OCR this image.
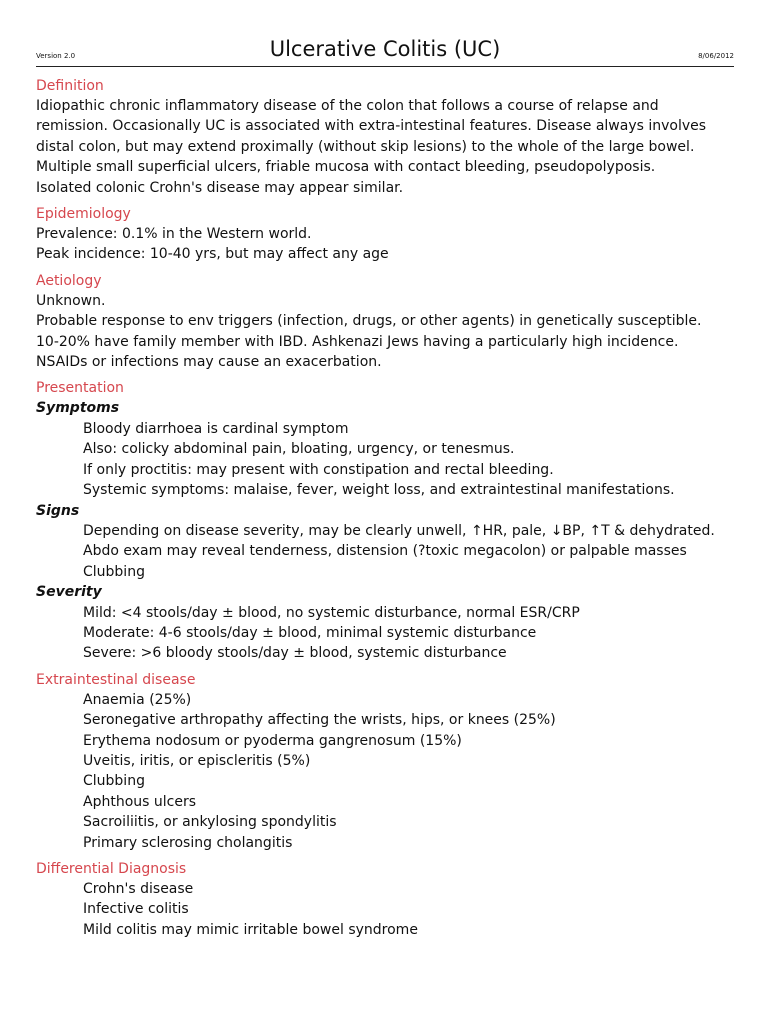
Version 2.0	Ulcerative Colitis (UC)	8/06/2012

Definition

Idiopathic chronic inflammatory disease of the colon that follows a course of relapse and

remission. Occasionally UC is associated with extra-intestinal features. Disease always involves

distal colon, but may extend proximally (without skip lesions) to the whole of the large bowel.

Multiple small superficial ulcers, friable mucosa with contact bleeding, pseudopolyposis.

Isolated colonic Crohn's disease may appear similar.

Epidemiology

Prevalence: 0.1% in the Western world.

Peak incidence: 10-40 yrs, but may affect any age

Aetiology

Unknown.

Probable response to env triggers (infection, drugs, or other agents) in genetically susceptible.

10-20% have family member with IBD. Ashkenazi Jews having a particularly high incidence.

NSAIDs or infections may cause an exacerbation.

Presentation

Symptoms

Bloody diarrhoea is cardinal symptom

Also: colicky abdominal pain, bloating, urgency, or tenesmus.

If only proctitis: may present with constipation and rectal bleeding.

Systemic symptoms: malaise, fever, weight loss, and extraintestinal manifestations.

Signs

Depending on disease severity, may be clearly unwell, ↑HR, pale, ↓BP, ↑T & dehydrated.

Abdo exam may reveal tenderness, distension (?toxic megacolon) or palpable masses

Clubbing

Severity

Mild: <4 stools/day ± blood, no systemic disturbance, normal ESR/CRP

Moderate: 4-6 stools/day ± blood, minimal systemic disturbance

Severe: >6 bloody stools/day ± blood, systemic disturbance

Extraintestinal disease

Anaemia (25%)

Seronegative arthropathy affecting the wrists, hips, or knees (25%)

Erythema nodosum or pyoderma gangrenosum (15%)

Uveitis, iritis, or episcleritis (5%)

Clubbing

Aphthous ulcers

Sacroiliitis, or ankylosing spondylitis

Primary sclerosing cholangitis

Differential Diagnosis

Crohn's disease

Infective colitis

Mild colitis may mimic irritable bowel syndrome
